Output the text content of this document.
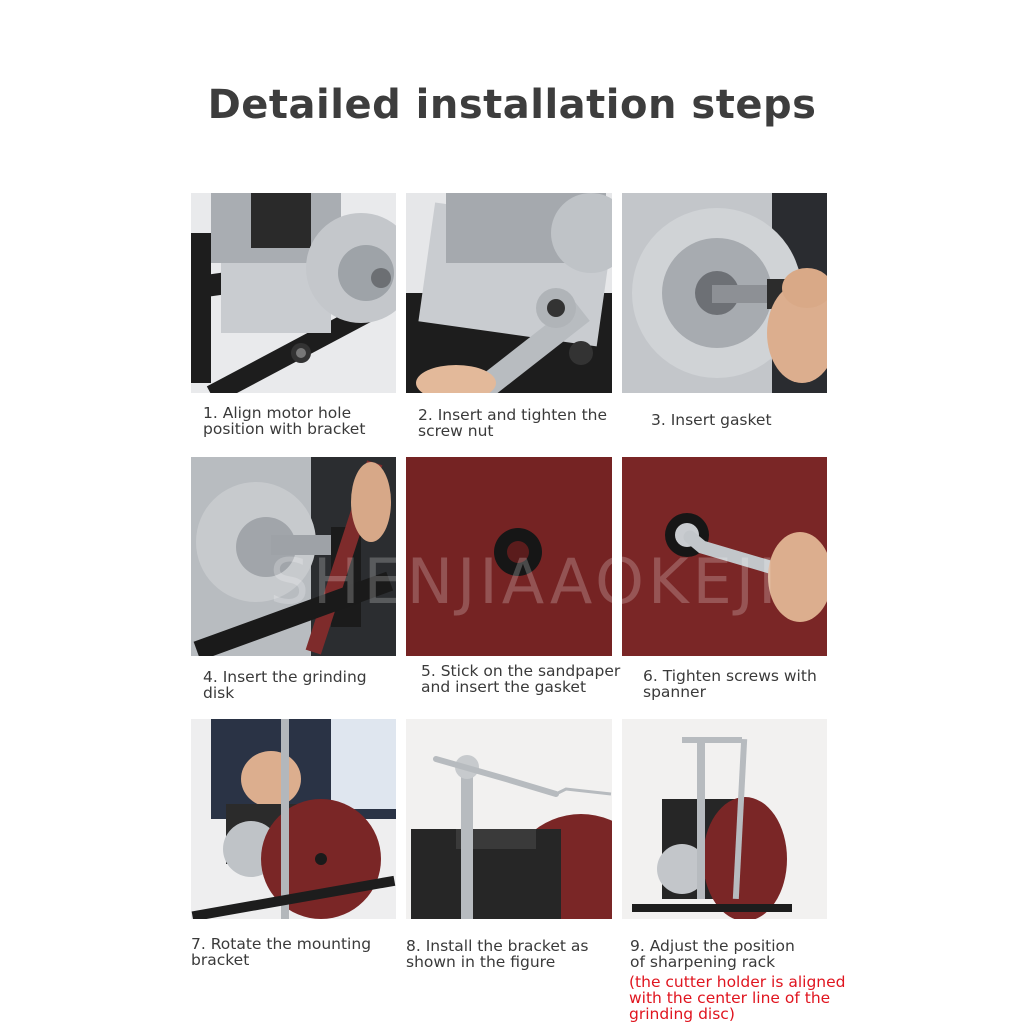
Detailed installation steps
1. Align motor hole
position with bracket
2. Insert and tighten the
screw nut
3. Insert gasket
4. Insert the grinding
disk
5. Stick on the sandpaper
and insert the gasket
6. Tighten screws with
spanner
7. Rotate the mounting
bracket
8. Install the bracket as
shown in the figure
9. Adjust the position
of sharpening rack
(the cutter holder is aligned
with the center line of the
grinding disc)
SHENJIAAOKEJI
